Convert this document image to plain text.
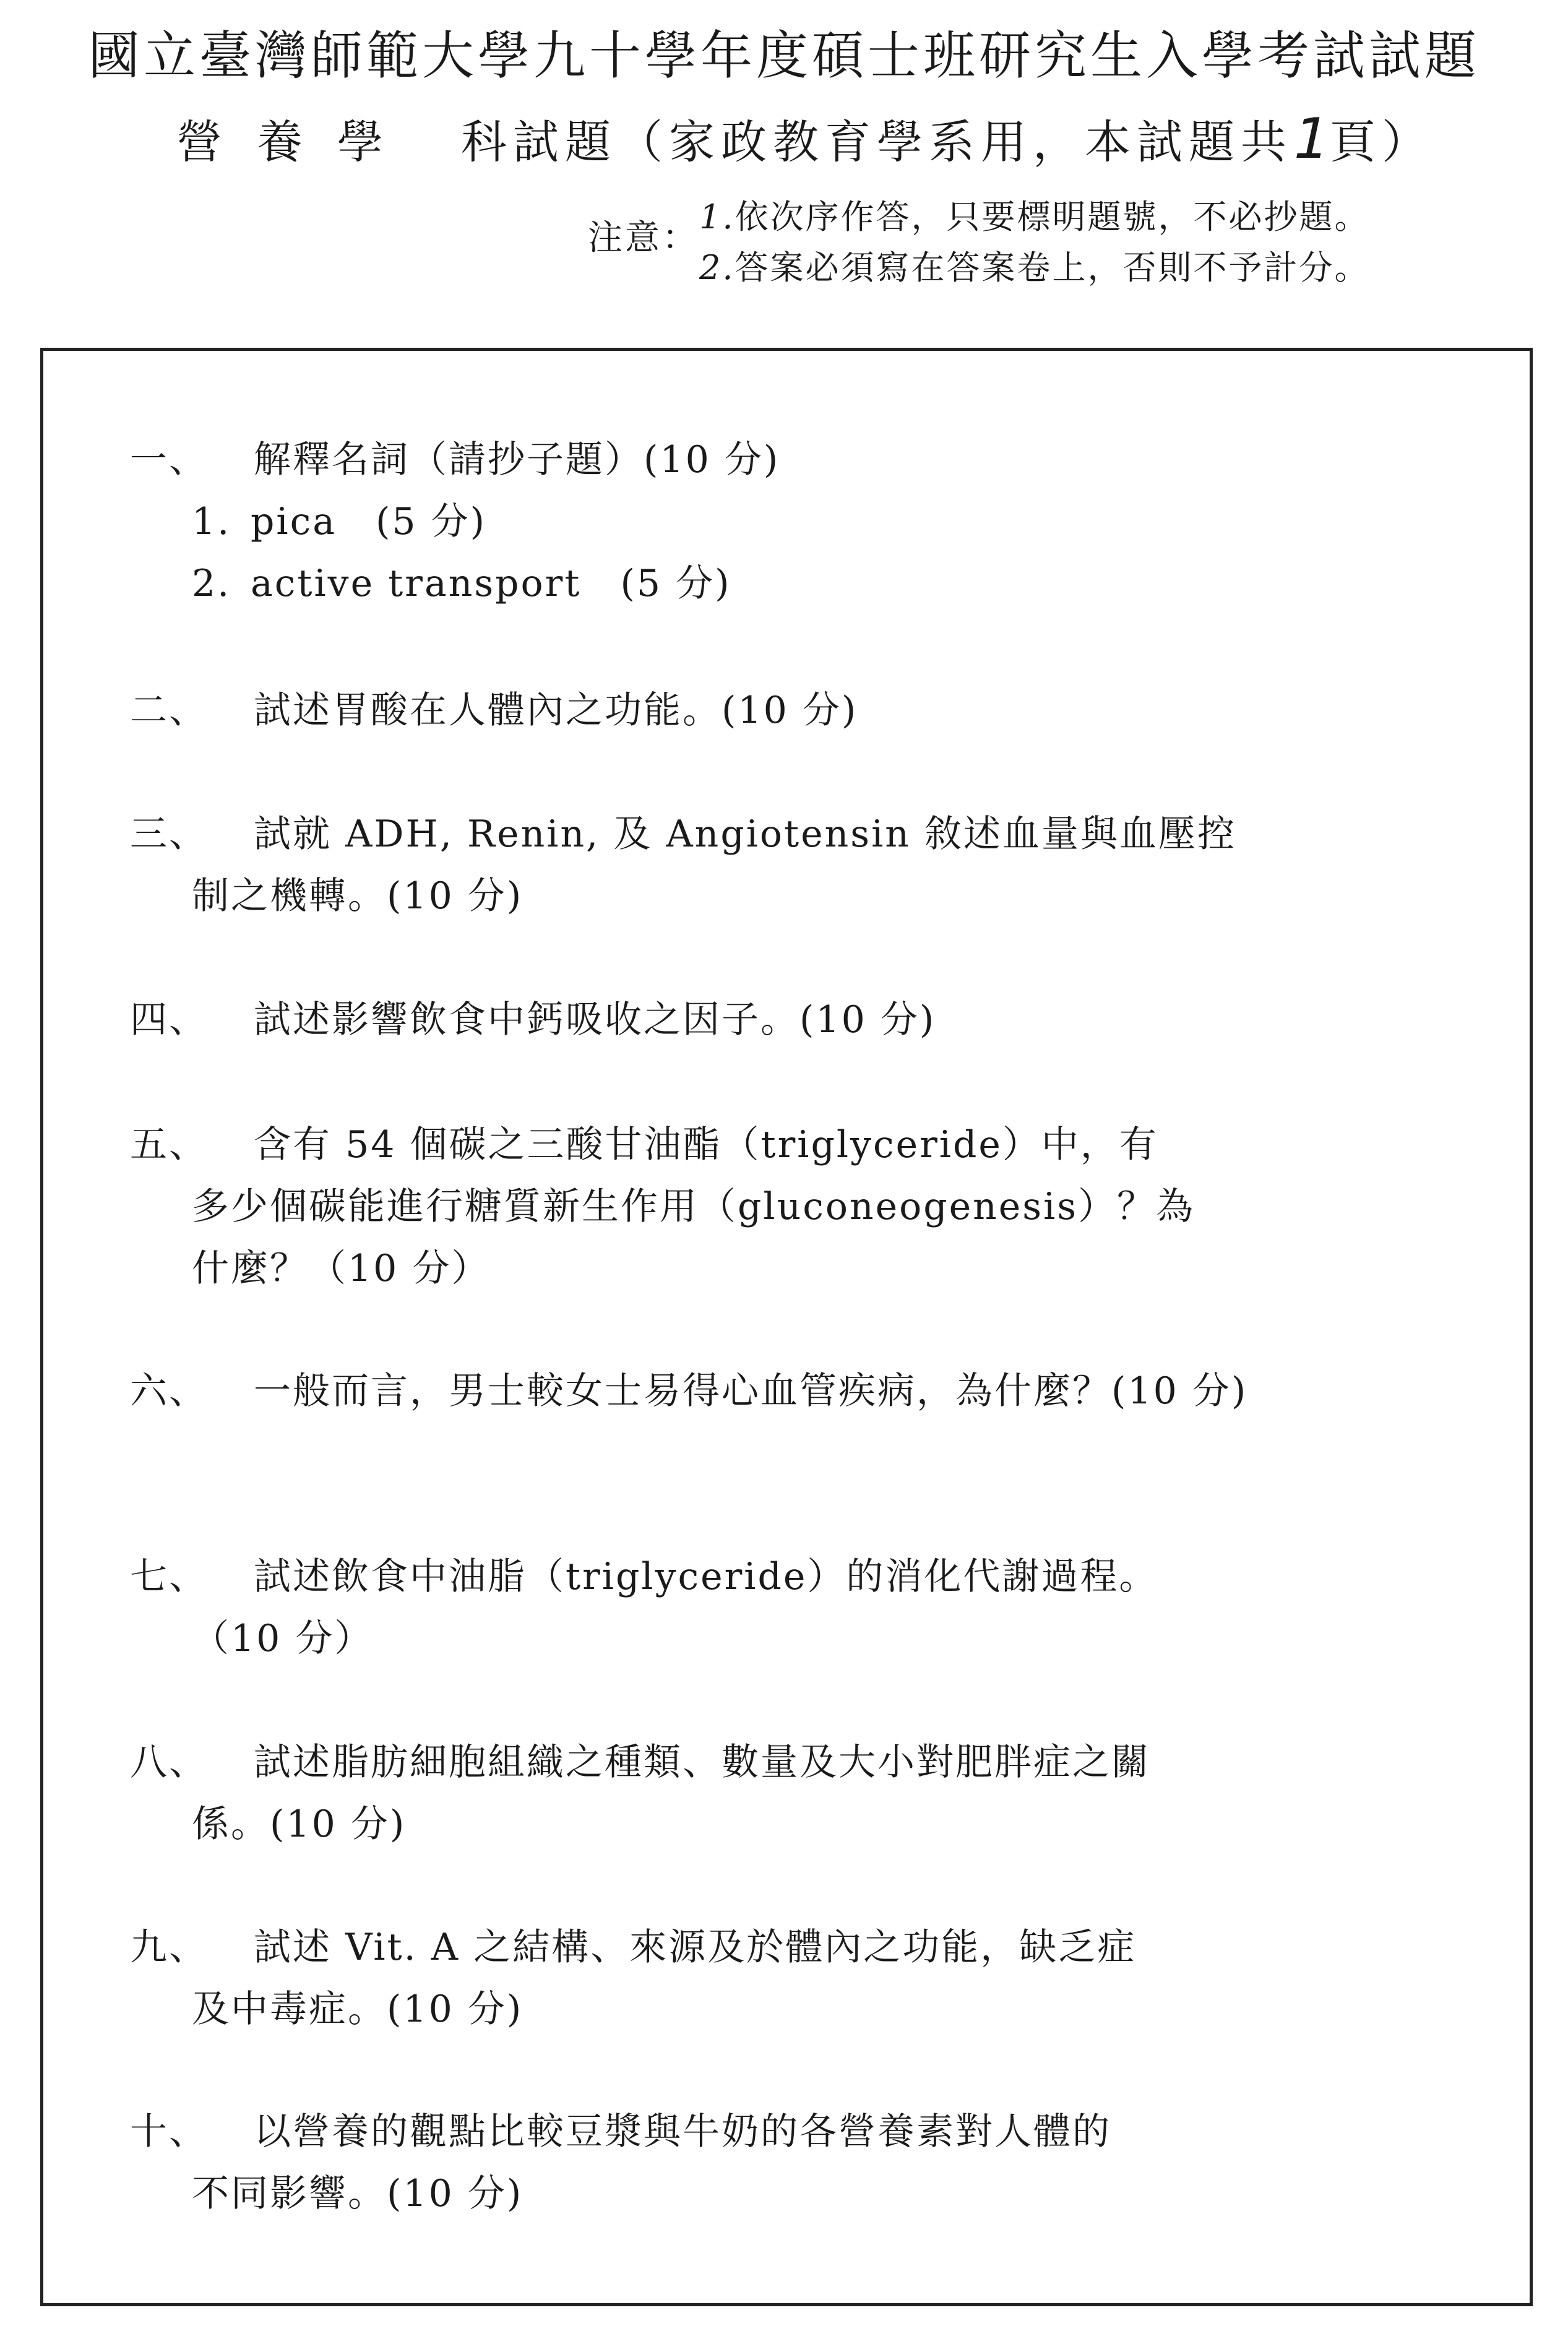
國立臺灣師範大學九十學年度碩士班研究生入學考試試題
營養學 科試題（家政教育學系用，本試題共1頁）
注意：
1.依次序作答，只要標明題號，不必抄題。
2.答案必須寫在答案卷上，否則不予計分。
一、 解釋名詞（請抄子題）(10 分)
1. pica　(5 分)
2. active transport　(5 分)
二、 試述胃酸在人體內之功能。(10 分)
三、 試就 ADH, Renin, 及 Angiotensin 敘述血量與血壓控
制之機轉。(10 分)
四、 試述影響飲食中鈣吸收之因子。(10 分)
五、 含有 54 個碳之三酸甘油酯（triglyceride）中，有
多少個碳能進行糖質新生作用（gluconeogenesis）？為
什麼？（10 分）
六、 一般而言，男士較女士易得心血管疾病，為什麼？(10 分)
七、 試述飲食中油脂（triglyceride）的消化代謝過程。
（10 分）
八、 試述脂肪細胞組織之種類、數量及大小對肥胖症之關
係。(10 分)
九、 試述 Vit. A 之結構、來源及於體內之功能，缺乏症
及中毒症。(10 分)
十、 以營養的觀點比較豆漿與牛奶的各營養素對人體的
不同影響。(10 分)
